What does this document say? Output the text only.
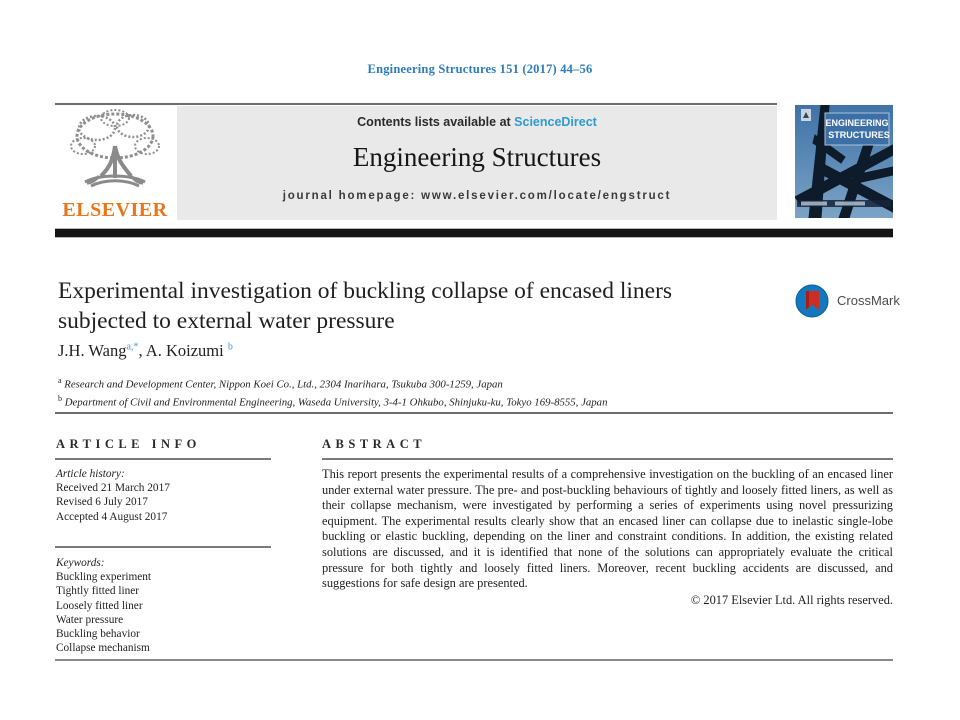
Engineering Structures 151 (2017) 44–56
ELSEVIER
Contents lists available at ScienceDirect
Engineering Structures
journal homepage: www.elsevier.com/locate/engstruct
ENGINEERING
STRUCTURES
Experimental investigation of buckling collapse of encased liners subjected to external water pressure
CrossMark
J.H. Wang$^{a,*}$, A. Koizumi $^b$
$^a$ Research and Development Center, Nippon Koei Co., Ltd., 2304 Inarihara, Tsukuba 300-1259, Japan
$^b$ Department of Civil and Environmental Engineering, Waseda University, 3-4-1 Ohkubo, Shinjuku-ku, Tokyo 169-8555, Japan
ARTICLE INFO	ABSTRACT
Article history:
Received 21 March 2017
Revised 6 July 2017
Accepted 4 August 2017
Keywords:
Buckling experiment
Tightly fitted liner
Loosely fitted liner
Water pressure
Buckling behavior
Collapse mechanism
This report presents the experimental results of a comprehensive investigation on the buckling of an encased liner under external water pressure. The pre- and post-buckling behaviours of tightly and loosely fitted liners, as well as their collapse mechanism, were investigated by performing a series of experiments using novel pressurizing equipment. The experimental results clearly show that an encased liner can collapse due to inelastic single-lobe buckling or elastic buckling, depending on the liner and constraint conditions. In addition, the existing related solutions are discussed, and it is identified that none of the solutions can appropriately evaluate the critical pressure for both tightly and loosely fitted liners. Moreover, recent buckling accidents are discussed, and suggestions for safe design are presented.
© 2017 Elsevier Ltd. All rights reserved.
